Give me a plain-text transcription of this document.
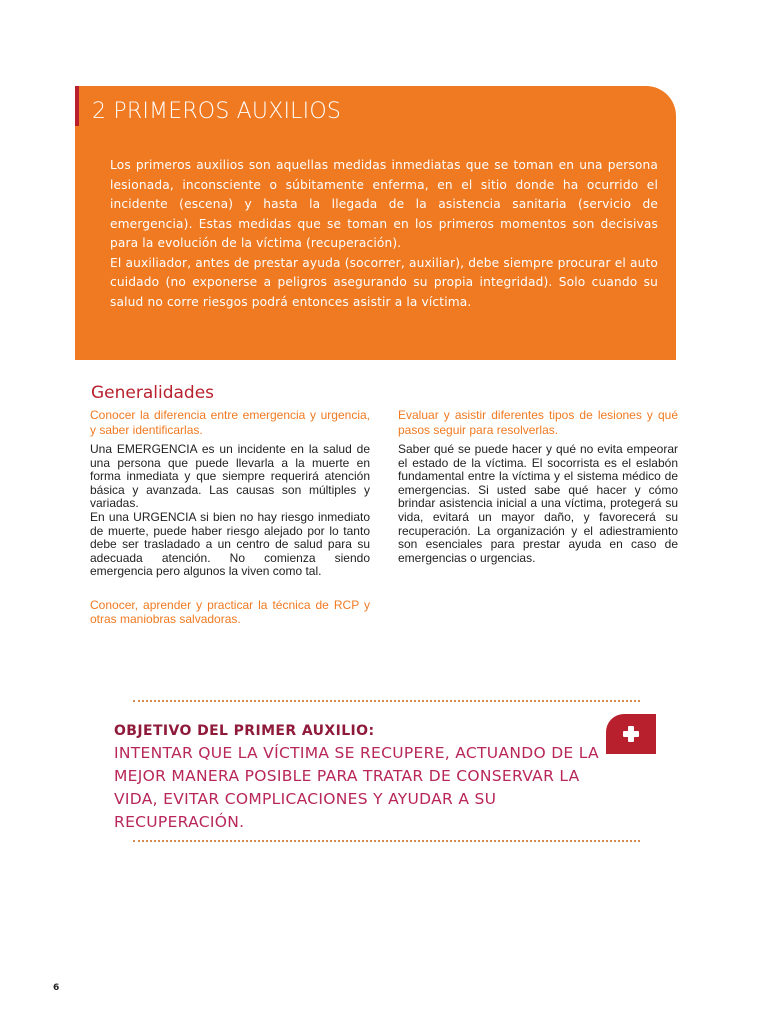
2 PRIMEROS AUXILIOS

Los primeros auxilios son aquellas medidas inmediatas que se toman en una persona lesionada, inconsciente o súbitamente enferma, en el sitio donde ha ocurrido el incidente (escena) y hasta la llegada de la asistencia sanitaria (servicio de emergencia). Estas medidas que se toman en los primeros momentos son decisivas para la evolución de la víctima (recuperación).

El auxiliador, antes de prestar ayuda (socorrer, auxiliar), debe siempre procurar el auto cuidado (no exponerse a peligros asegurando su propia integridad). Solo cuando su salud no corre riesgos podrá entonces asistir a la víctima.

Generalidades

Conocer la diferencia entre emergencia y urgencia, y saber identificarlas.

Una EMERGENCIA es un incidente en la salud de una persona que puede llevarla a la muerte en forma inmediata y que siempre requerirá atención básica y avanzada. Las causas son múltiples y variadas.

En una URGENCIA si bien no hay riesgo inmediato de muerte, puede haber riesgo alejado por lo tanto debe ser trasladado a un centro de salud para su adecuada atención. No comienza siendo emergencia pero algunos la viven como tal.

Conocer, aprender y practicar la técnica de RCP y otras maniobras salvadoras.

Evaluar y asistir diferentes tipos de lesiones y qué pasos seguir para resolverlas.

Saber qué se puede hacer y qué no evita empeorar el estado de la víctima. El socorrista es el eslabón fundamental entre la víctima y el sistema médico de emergencias. Si usted sabe qué hacer y cómo brindar asistencia inicial a una víctima, protegerá su vida, evitará un mayor daño, y favorecerá su recuperación. La organización y el adiestramiento son esenciales para prestar ayuda en caso de emergencias o urgencias.

OBJETIVO DEL PRIMER AUXILIO:

INTENTAR QUE LA VÍCTIMA SE RECUPERE, ACTUANDO DE LA MEJOR MANERA POSIBLE PARA TRATAR DE CONSERVAR LA VIDA, EVITAR COMPLICACIONES Y AYUDAR A SU RECUPERACIÓN.

6
